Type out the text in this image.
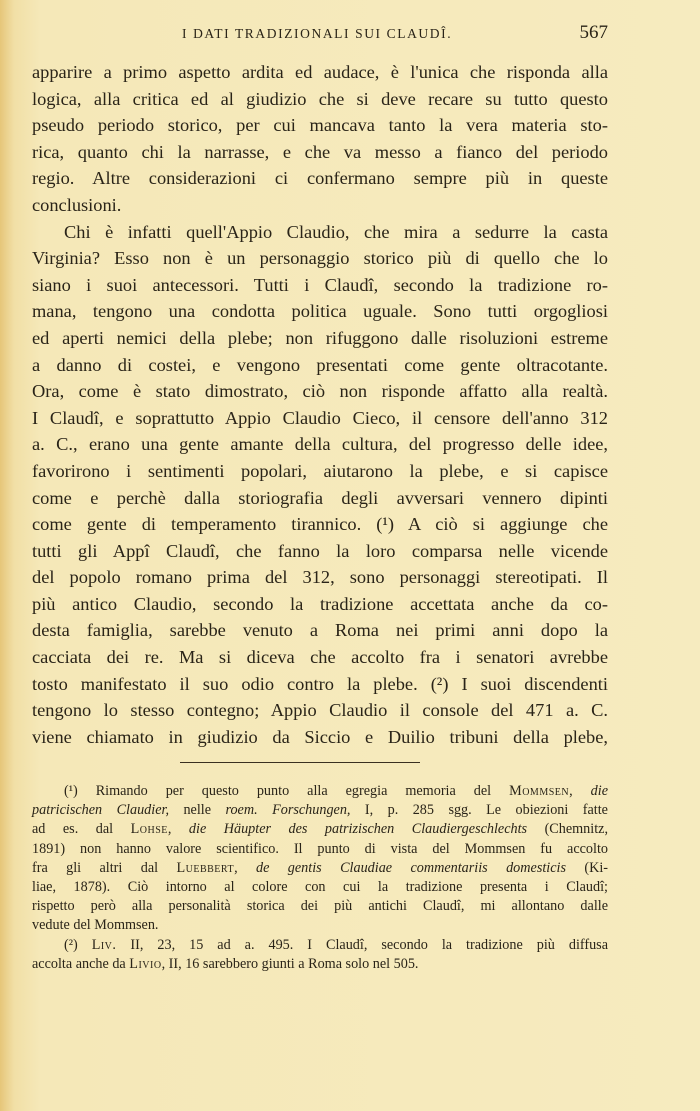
I DATI TRADIZIONALI SUI CLAUDÎ.	567
apparire a primo aspetto ardita ed audace, è l'unica che risponda alla
logica, alla critica ed al giudizio che si deve recare su tutto questo
pseudo periodo storico, per cui mancava tanto la vera materia sto-
rica, quanto chi la narrasse, e che va messo a fianco del periodo
regio. Altre considerazioni ci confermano sempre più in queste
conclusioni.
Chi è infatti quell'Appio Claudio, che mira a sedurre la casta
Virginia? Esso non è un personaggio storico più di quello che lo
siano i suoi antecessori. Tutti i Claudî, secondo la tradizione ro-
mana, tengono una condotta politica uguale. Sono tutti orgogliosi
ed aperti nemici della plebe; non rifuggono dalle risoluzioni estreme
a danno di costei, e vengono presentati come gente oltracotante.
Ora, come è stato dimostrato, ciò non risponde affatto alla realtà.
I Claudî, e soprattutto Appio Claudio Cieco, il censore dell'anno 312
a. C., erano una gente amante della cultura, del progresso delle idee,
favorirono i sentimenti popolari, aiutarono la plebe, e si capisce
come e perchè dalla storiografia degli avversari vennero dipinti
come gente di temperamento tirannico. (¹) A ciò si aggiunge che
tutti gli Appî Claudî, che fanno la loro comparsa nelle vicende
del popolo romano prima del 312, sono personaggi stereotipati. Il
più antico Claudio, secondo la tradizione accettata anche da co-
desta famiglia, sarebbe venuto a Roma nei primi anni dopo la
cacciata dei re. Ma si diceva che accolto fra i senatori avrebbe
tosto manifestato il suo odio contro la plebe. (²) I suoi discendenti
tengono lo stesso contegno; Appio Claudio il console del 471 a. C.
viene chiamato in giudizio da Siccio e Duilio tribuni della plebe,
(¹) Rimando per questo punto alla egregia memoria del Mommsen, die
patricischen Claudier, nelle roem. Forschungen, I, p. 285 sgg. Le obiezioni fatte
ad es. dal Lohse, die Häupter des patrizischen Claudiergeschlechts (Chemnitz,
1891) non hanno valore scientifico. Il punto di vista del Mommsen fu accolto
fra gli altri dal Luebbert, de gentis Claudiae commentariis domesticis (Ki-
liae, 1878). Ciò intorno al colore con cui la tradizione presenta i Claudî;
rispetto però alla personalità storica dei più antichi Claudî, mi allontano dalle
vedute del Mommsen.
(²) Liv. II, 23, 15 ad a. 495. I Claudî, secondo la tradizione più diffusa
accolta anche da Livio, II, 16 sarebbero giunti a Roma solo nel 505.
